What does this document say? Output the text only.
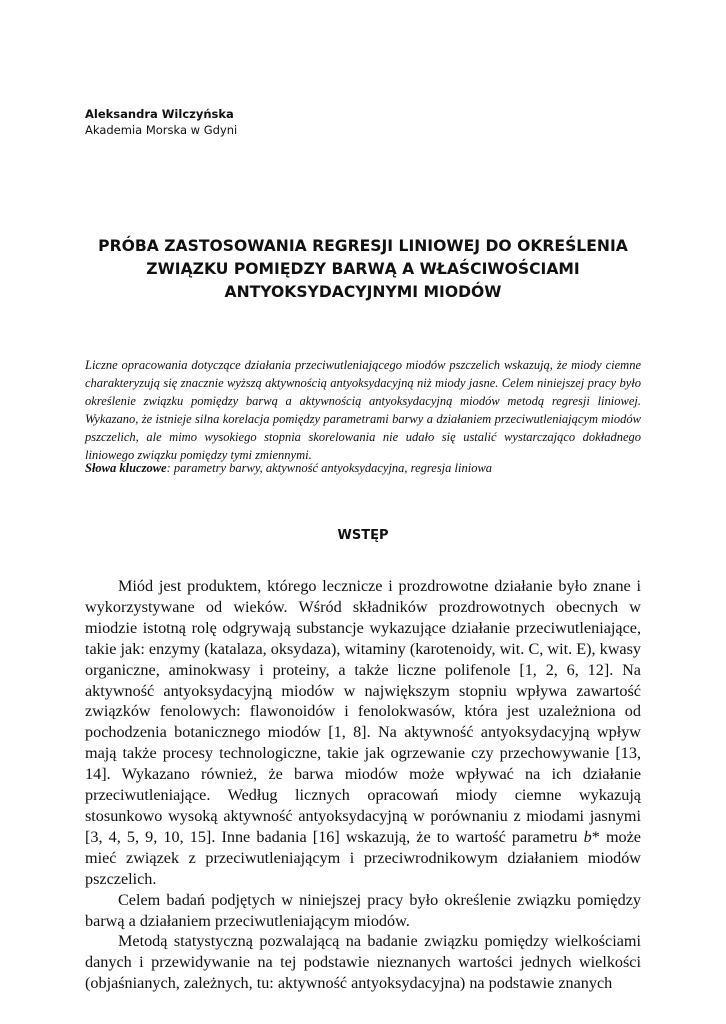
Aleksandra Wilczyńska
Akademia Morska w Gdyni
PRÓBA ZASTOSOWANIA REGRESJI LINIOWEJ DO OKREŚLENIA
ZWIĄZKU POMIĘDZY BARWĄ A WŁAŚCIWOŚCIAMI
ANTYOKSYDACYJNYMI MIODÓW

Liczne opracowania dotyczące działania przeciwutleniającego miodów pszczelich wskazują, że miody ciemne charakteryzują się znacznie wyższą aktywnością antyoksydacyjną niż miody jasne. Celem niniejszej pracy było określenie związku pomiędzy barwą a aktywnością antyoksydacyjną miodów metodą regresji liniowej. Wykazano, że istnieje silna korelacja pomiędzy parametrami barwy a działaniem przeciwutleniającym miodów pszczelich, ale mimo wysokiego stopnia skorelowania nie udało się ustalić wystarczająco dokładnego liniowego związku pomiędzy tymi zmiennymi.

Słowa kluczowe: parametry barwy, aktywność antyoksydacyjna, regresja liniowa

WSTĘP

Miód jest produktem, którego lecznicze i prozdrowotne działanie było znane i wykorzystywane od wieków. Wśród składników prozdrowotnych obecnych w miodzie istotną rolę odgrywają substancje wykazujące działanie przeciwutleniające, takie jak: enzymy (katalaza, oksydaza), witaminy (karotenoidy, wit. C, wit. E), kwasy organiczne, aminokwasy i proteiny, a także liczne polifenole [1, 2, 6, 12]. Na aktywność antyoksydacyjną miodów w największym stopniu wpływa zawartość związków fenolowych: flawonoidów i fenolokwasów, która jest uzależniona od pochodzenia botanicznego miodów [1, 8]. Na aktywność antyoksydacyjną wpływ mają także procesy technologiczne, takie jak ogrzewanie czy przechowywanie [13, 14]. Wykazano również, że barwa miodów może wpływać na ich działanie przeciwutleniające. Według licznych opracowań miody ciemne wykazują stosunkowo wysoką aktywność antyoksydacyjną w porównaniu z miodami jasnymi [3, 4, 5, 9, 10, 15]. Inne badania [16] wskazują, że to wartość parametru b* może mieć związek z przeciwutleniającym i przeciwrodnikowym działaniem miodów pszczelich.

Celem badań podjętych w niniejszej pracy było określenie związku pomiędzy barwą a działaniem przeciwutleniającym miodów.

Metodą statystyczną pozwalającą na badanie związku pomiędzy wielkościami danych i przewidywanie na tej podstawie nieznanych wartości jednych wielkości (objaśnianych, zależnych, tu: aktywność antyoksydacyjna) na podstawie znanych
